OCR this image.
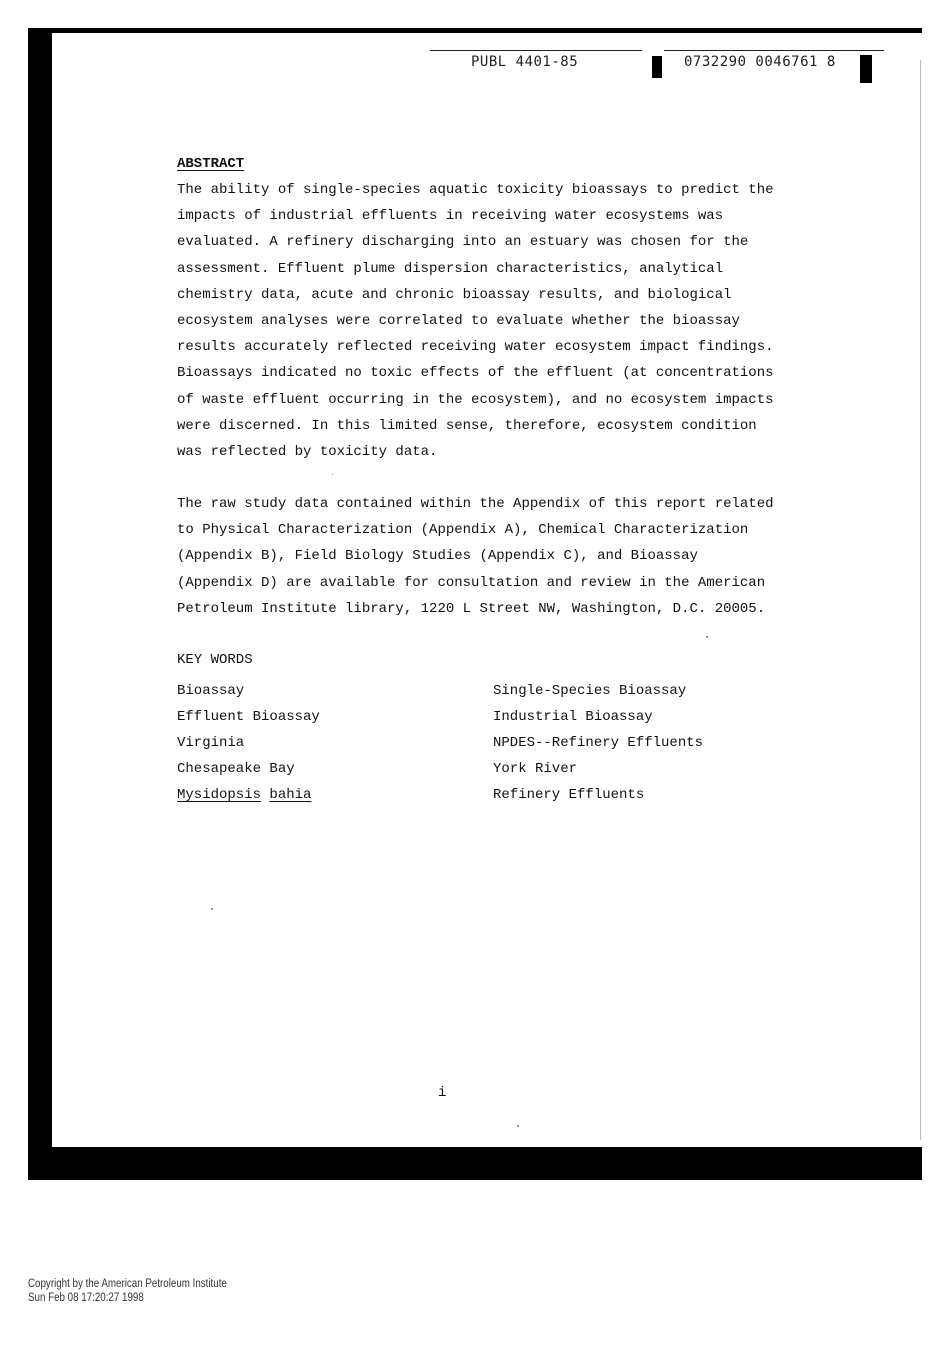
PUBL 4401-85	0732290 0046761 8
ABSTRACT
The ability of single-species aquatic toxicity bioassays to predict the
impacts of industrial effluents in receiving water ecosystems was
evaluated. A refinery discharging into an estuary was chosen for the
assessment. Effluent plume dispersion characteristics, analytical
chemistry data, acute and chronic bioassay results, and biological
ecosystem analyses were correlated to evaluate whether the bioassay
results accurately reflected receiving water ecosystem impact findings.
Bioassays indicated no toxic effects of the effluent (at concentrations
of waste effluent occurring in the ecosystem), and no ecosystem impacts
were discerned. In this limited sense, therefore, ecosystem condition
was reflected by toxicity data.
The raw study data contained within the Appendix of this report related
to Physical Characterization (Appendix A), Chemical Characterization
(Appendix B), Field Biology Studies (Appendix C), and Bioassay
(Appendix D) are available for consultation and review in the American
Petroleum Institute library, 1220 L Street NW, Washington, D.C. 20005.
KEY WORDS
Bioassay
Effluent Bioassay
Virginia
Chesapeake Bay
Mysidopsis bahia
Single-Species Bioassay
Industrial Bioassay
NPDES--Refinery Effluents
York River
Refinery Effluents
i
Copyright by the American Petroleum Institute
Sun Feb 08 17:20:27 1998
